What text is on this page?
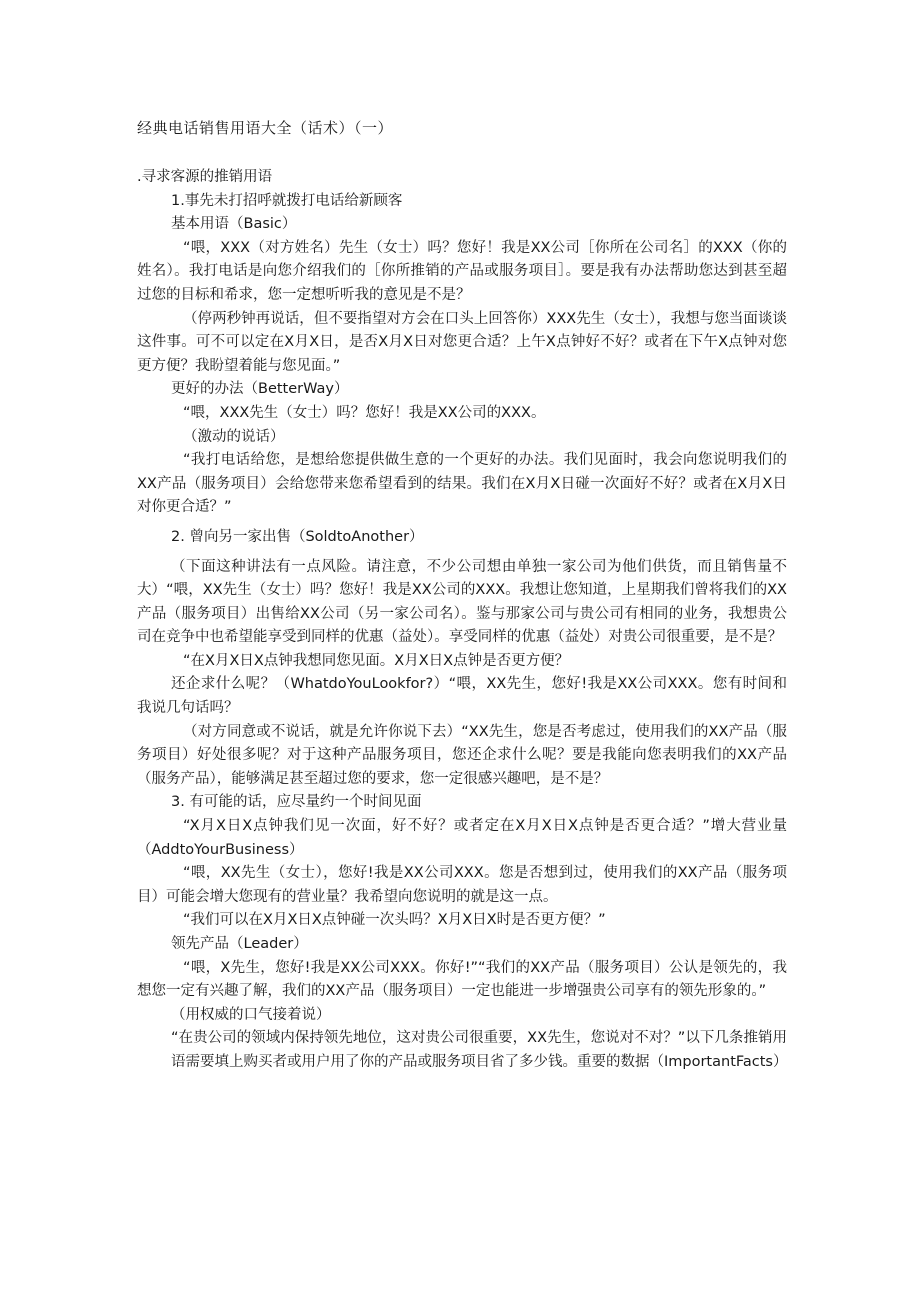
经典电话销售用语大全（话术）（一）

.寻求客源的推销用语

1.事先未打招呼就拨打电话给新顾客

基本用语（Basic）

“喂，XXX（对方姓名）先生（女士）吗？您好！我是XX公司［你所在公司名］的XXX（你的姓名）。我打电话是向您介绍我们的［你所推销的产品或服务项目］。要是我有办法帮助您达到甚至超过您的目标和希求，您一定想听听我的意见是不是？

（停两秒钟再说话，但不要指望对方会在口头上回答你）XXX先生（女士），我想与您当面谈谈这件事。可不可以定在X月X日，是否X月X日对您更合适？上午X点钟好不好？或者在下午X点钟对您更方便？我盼望着能与您见面。”

更好的办法（BetterWay）

“喂，XXX先生（女士）吗？您好！我是XX公司的XXX。

（激动的说话）

“我打电话给您，是想给您提供做生意的一个更好的办法。我们见面时，我会向您说明我们的XX产品（服务项目）会给您带来您希望看到的结果。我们在X月X日碰一次面好不好？或者在X月X日对你更合适？”

2. 曾向另一家出售（SoldtoAnother）

（下面这种讲法有一点风险。请注意，不少公司想由单独一家公司为他们供货，而且销售量不大）“喂，XX先生（女士）吗？您好！我是XX公司的XXX。我想让您知道，上星期我们曾将我们的XX产品（服务项目）出售给XX公司（另一家公司名）。鉴与那家公司与贵公司有相同的业务，我想贵公司在竞争中也希望能享受到同样的优惠（益处）。享受同样的优惠（益处）对贵公司很重要，是不是？

“在X月X日X点钟我想同您见面。X月X日X点钟是否更方便？

还企求什么呢？（WhatdoYouLookfor?）“喂，XX先生，您好!我是XX公司XXX。您有时间和我说几句话吗？

（对方同意或不说话，就是允许你说下去）“XX先生，您是否考虑过，使用我们的XX产品（服务项目）好处很多呢？对于这种产品服务项目，您还企求什么呢？要是我能向您表明我们的XX产品（服务产品），能够满足甚至超过您的要求，您一定很感兴趣吧，是不是？

3. 有可能的话，应尽量约一个时间见面

“X月X日X点钟我们见一次面，好不好？或者定在X月X日X点钟是否更合适？”增大营业量（AddtoYourBusiness）

“喂，XX先生（女士），您好!我是XX公司XXX。您是否想到过，使用我们的XX产品（服务项目）可能会增大您现有的营业量？我希望向您说明的就是这一点。

“我们可以在X月X日X点钟碰一次头吗？X月X日X时是否更方便？”

领先产品（Leader）

“喂，X先生，您好!我是XX公司XXX。你好!”“我们的XX产品（服务项目）公认是领先的，我想您一定有兴趣了解，我们的XX产品（服务项目）一定也能进一步增强贵公司享有的领先形象的。”

（用权威的口气接着说）

“在贵公司的领域内保持领先地位，这对贵公司很重要，XX先生，您说对不对？”以下几条推销用语需要填上购买者或用户用了你的产品或服务项目省了多少钱。重要的数据（ImportantFacts）
